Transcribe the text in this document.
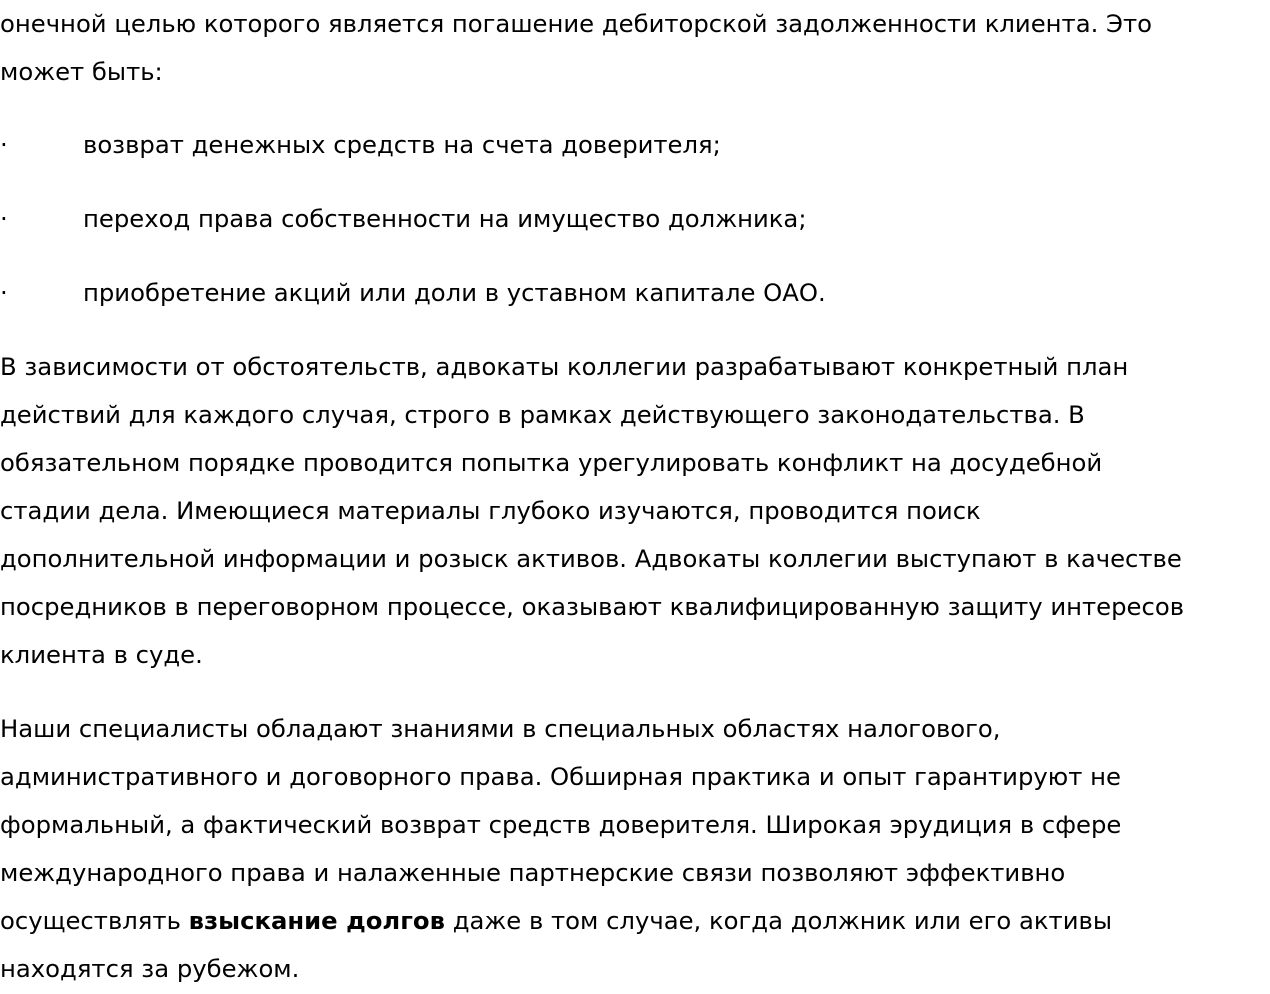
онечной целью которого является погашение дебиторской задолженности клиента. Это
может быть:

·	возврат денежных средств на счета доверителя;
·	переход права собственности на имущество должника;
·	приобретение акций или доли в уставном капитале ОАО.

В зависимости от обстоятельств, адвокаты коллегии разрабатывают конкретный план
действий для каждого случая, строго в рамках действующего законодательства. В
обязательном порядке проводится попытка урегулировать конфликт на досудебной
стадии дела. Имеющиеся материалы глубоко изучаются, проводится поиск
дополнительной информации и розыск активов. Адвокаты коллегии выступают в качестве
посредников в переговорном процессе, оказывают квалифицированную защиту интересов
клиента в суде.

Наши специалисты обладают знаниями в специальных областях налогового,
административного и договорного права. Обширная практика и опыт гарантируют не
формальный, а фактический возврат средств доверителя. Широкая эрудиция в сфере
международного права и налаженные партнерские связи позволяют эффективно
осуществлять взыскание долгов даже в том случае, когда должник или его активы
находятся за рубежом.
